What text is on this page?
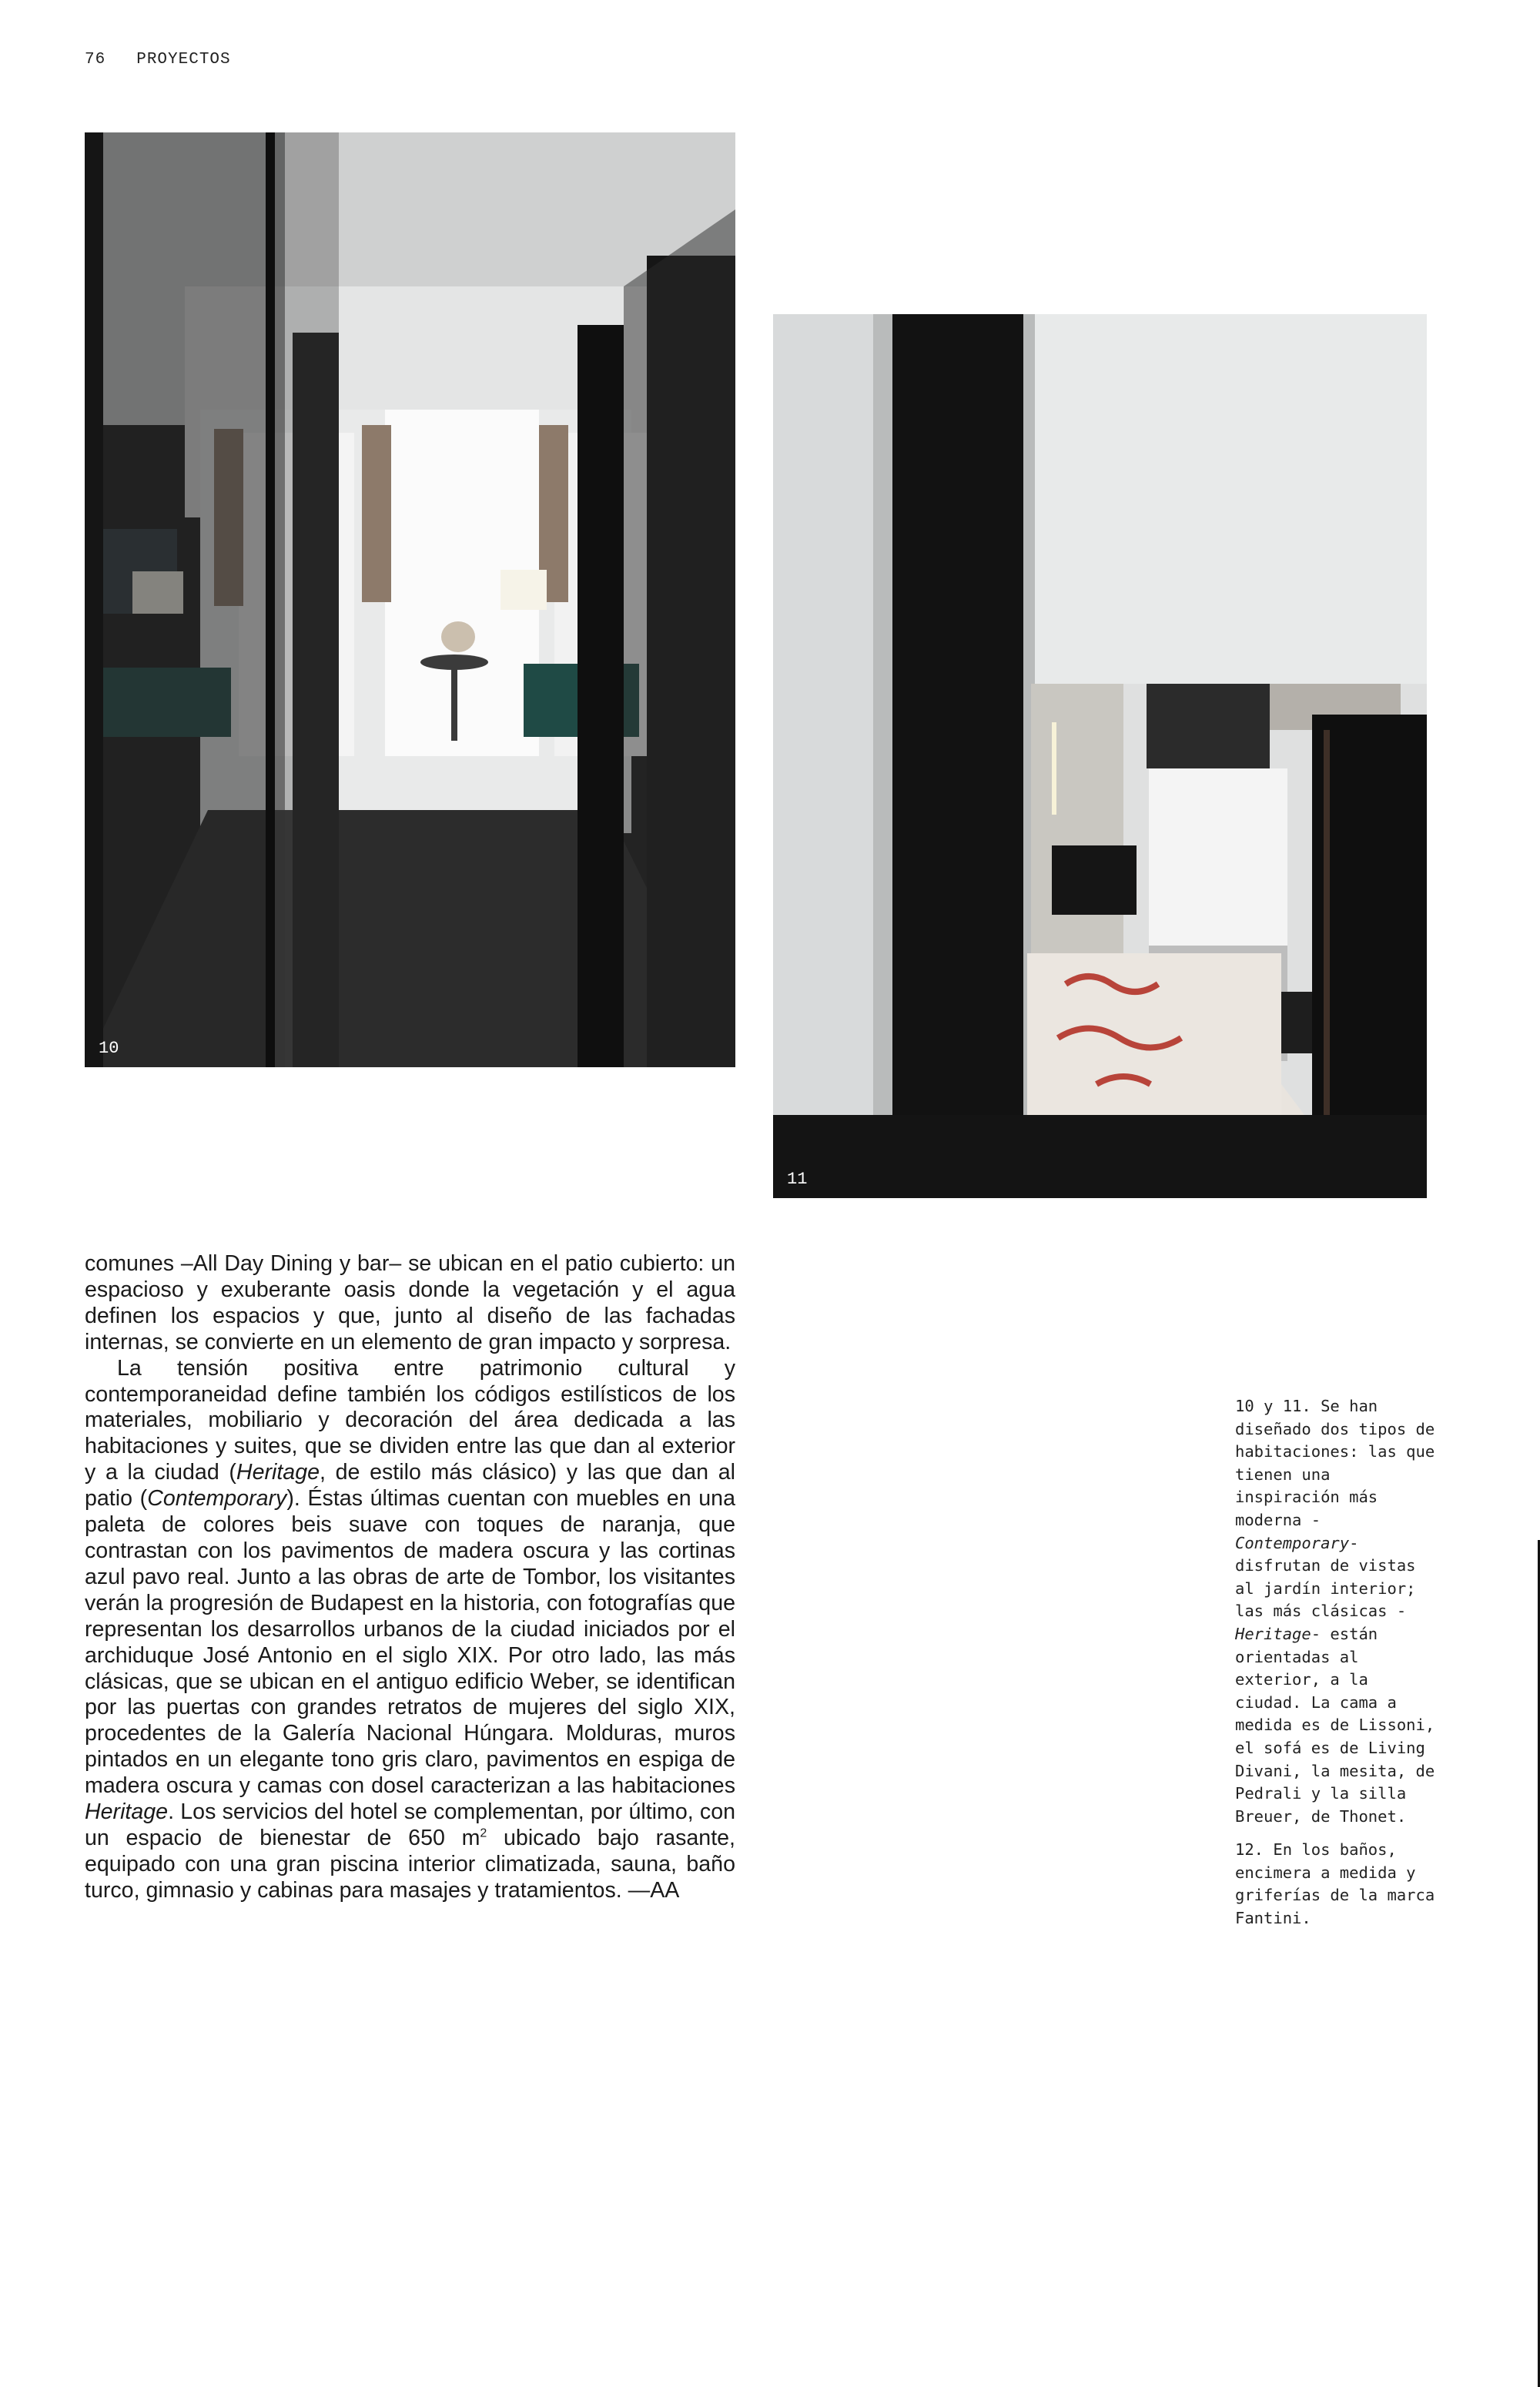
76 PROYECTOS
10
11

comunes –All Day Dining y bar– se ubican en el patio cubierto: un espacioso y exuberante oasis donde la vegetación y el agua definen los espacios y que, junto al diseño de las fachadas internas, se convierte en un elemento de gran impacto y sorpresa.

La tensión positiva entre patrimonio cultural y contemporaneidad define también los códigos estilísticos de los materiales, mobiliario y decoración del área dedicada a las habitaciones y suites, que se dividen entre las que dan al exterior y a la ciudad (Heritage, de estilo más clásico) y las que dan al patio (Contemporary). Éstas últimas cuentan con muebles en una paleta de colores beis suave con toques de naranja, que contrastan con los pavimentos de madera oscura y las cortinas azul pavo real. Junto a las obras de arte de Tombor, los visitantes verán la progresión de Budapest en la historia, con fotografías que representan los desarrollos urbanos de la ciudad iniciados por el archiduque José Antonio en el siglo XIX. Por otro lado, las más clásicas, que se ubican en el antiguo edificio Weber, se identifican por las puertas con grandes retratos de mujeres del siglo XIX, procedentes de la Galería Nacional Húngara. Molduras, muros pintados en un elegante tono gris claro, pavimentos en espiga de madera oscura y camas con dosel caracterizan a las habitaciones Heritage. Los servicios del hotel se complementan, por último, con un espacio de bienestar de 650 $m^2$ ubicado bajo rasante, equipado con una gran piscina interior climatizada, sauna, baño turco, gimnasio y cabinas para masajes y tratamientos. —AA

10 y 11. Se han diseñado dos tipos de habitaciones: las que tienen una inspiración más moderna -Contemporary- disfrutan de vistas al jardín interior; las más clásicas -Heritage- están orientadas al exterior, a la ciudad. La cama a medida es de Lissoni, el sofá es de Living Divani, la mesita, de Pedrali y la silla Breuer, de Thonet.

12. En los baños, encimera a medida y griferías de la marca Fantini.
